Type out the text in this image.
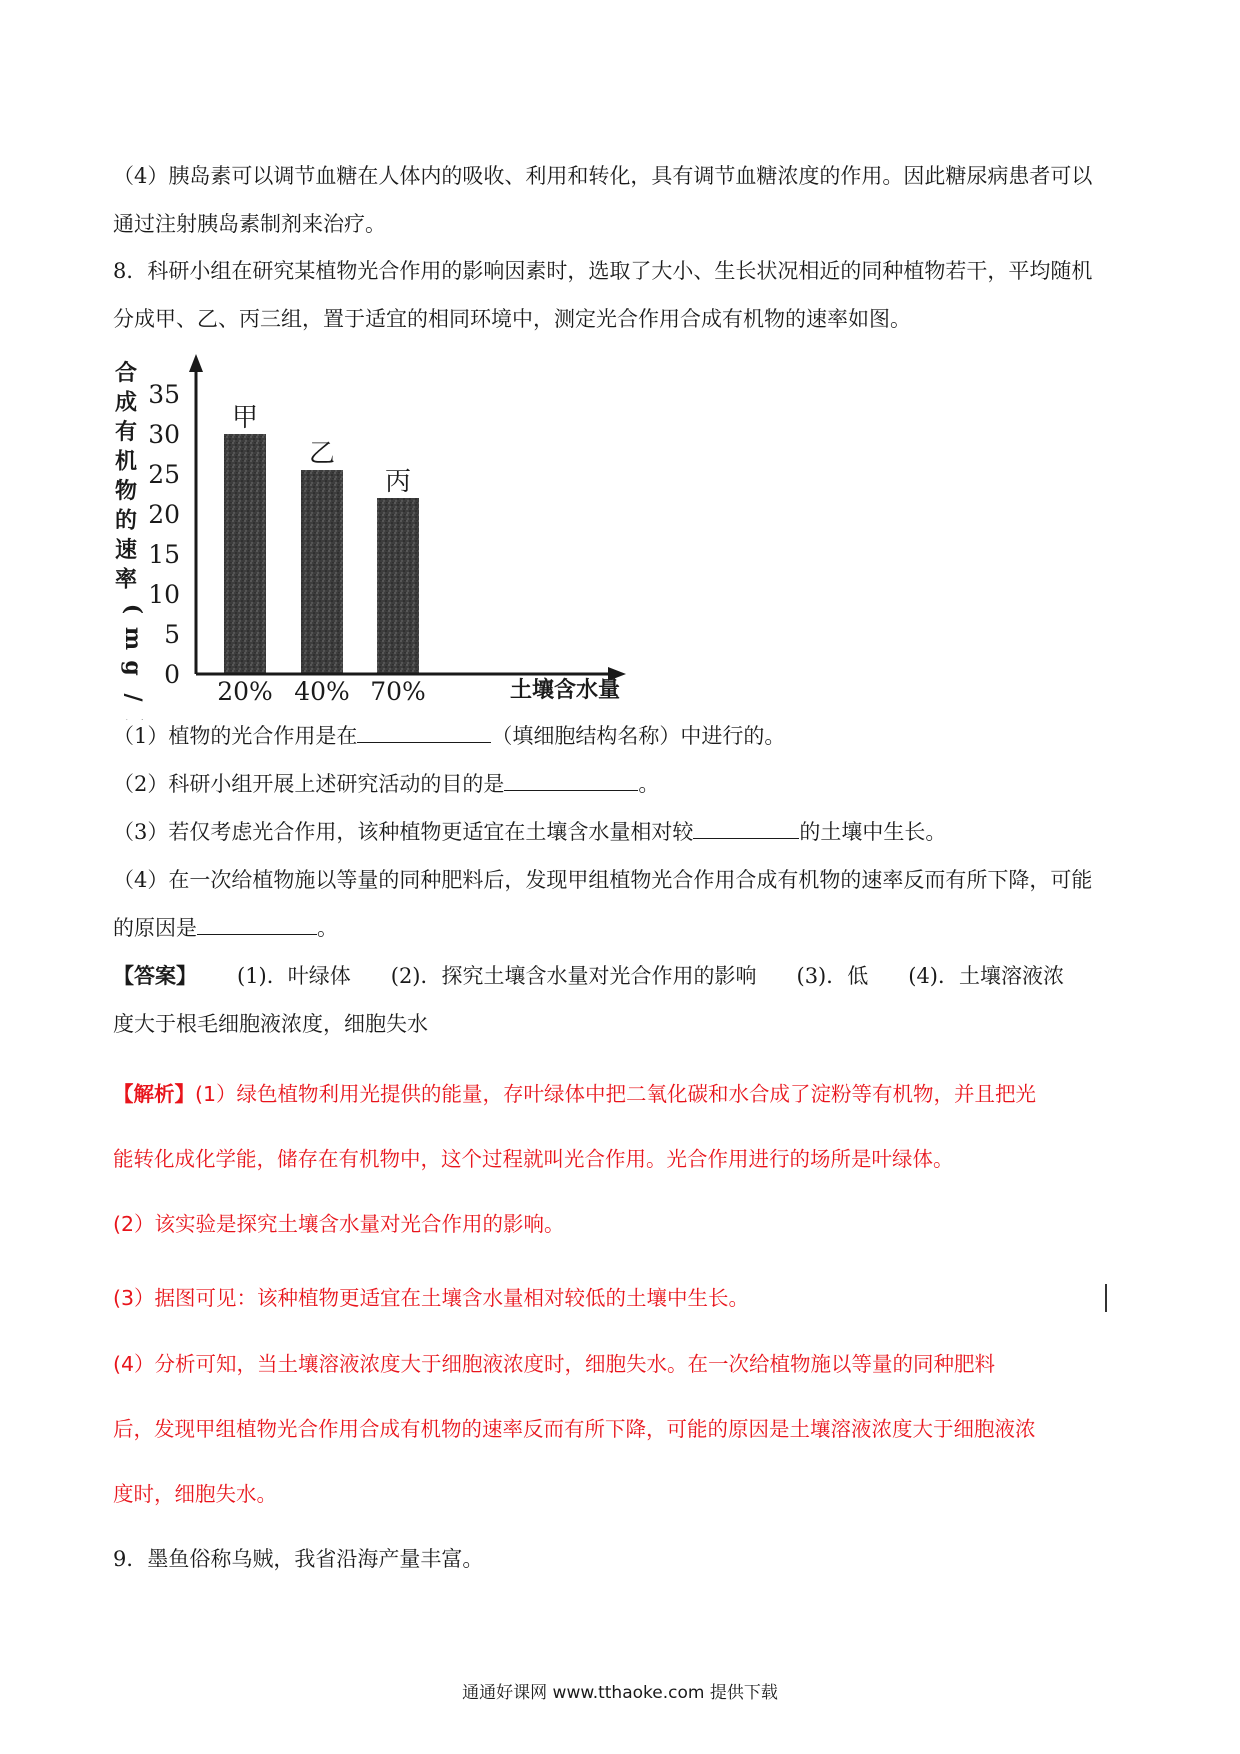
（4）胰岛素可以调节血糖在人体内的吸收、利用和转化，具有调节血糖浓度的作用。因此糖尿病患者可以
通过注射胰岛素制剂来治疗。
8．科研小组在研究某植物光合作用的影响因素时，选取了大小、生长状况相近的同种植物若干，平均随机
分成甲、乙、丙三组，置于适宜的相同环境中，测定光合作用合成有机物的速率如图。
合
成
有
机
物
的
速
率
(
m
g
/
0
5
10
15
20
25
30
35
甲
20%
乙
40%
丙
70%	土壤含水量
（1）植物的光合作用是在	（填细胞结构名称）中进行的。
（2）科研小组开展上述研究活动的目的是	。
（3）若仅考虑光合作用，该种植物更适宜在土壤含水量相对较	的土壤中生长。
（4）在一次给植物施以等量的同种肥料后，发现甲组植物光合作用合成有机物的速率反而有所下降，可能
的原因是	。
【答案】 (1)．叶绿体 (2)．探究土壤含水量对光合作用的影响 (3)．低 (4)．土壤溶液浓
度大于根毛细胞液浓度，细胞失水
【解析】(1）绿色植物利用光提供的能量，存叶绿体中把二氧化碳和水合成了淀粉等有机物，并且把光
能转化成化学能，储存在有机物中，这个过程就叫光合作用。光合作用进行的场所是叶绿体。
(2）该实验是探究土壤含水量对光合作用的影响。
(3）据图可见：该种植物更适宜在土壤含水量相对较低的土壤中生长。
(4）分析可知，当土壤溶液浓度大于细胞液浓度时，细胞失水。在一次给植物施以等量的同种肥料
后，发现甲组植物光合作用合成有机物的速率反而有所下降，可能的原因是土壤溶液浓度大于细胞液浓
度时，细胞失水。
9．墨鱼俗称乌贼，我省沿海产量丰富。
通通好课网 www.tthaoke.com 提供下载
